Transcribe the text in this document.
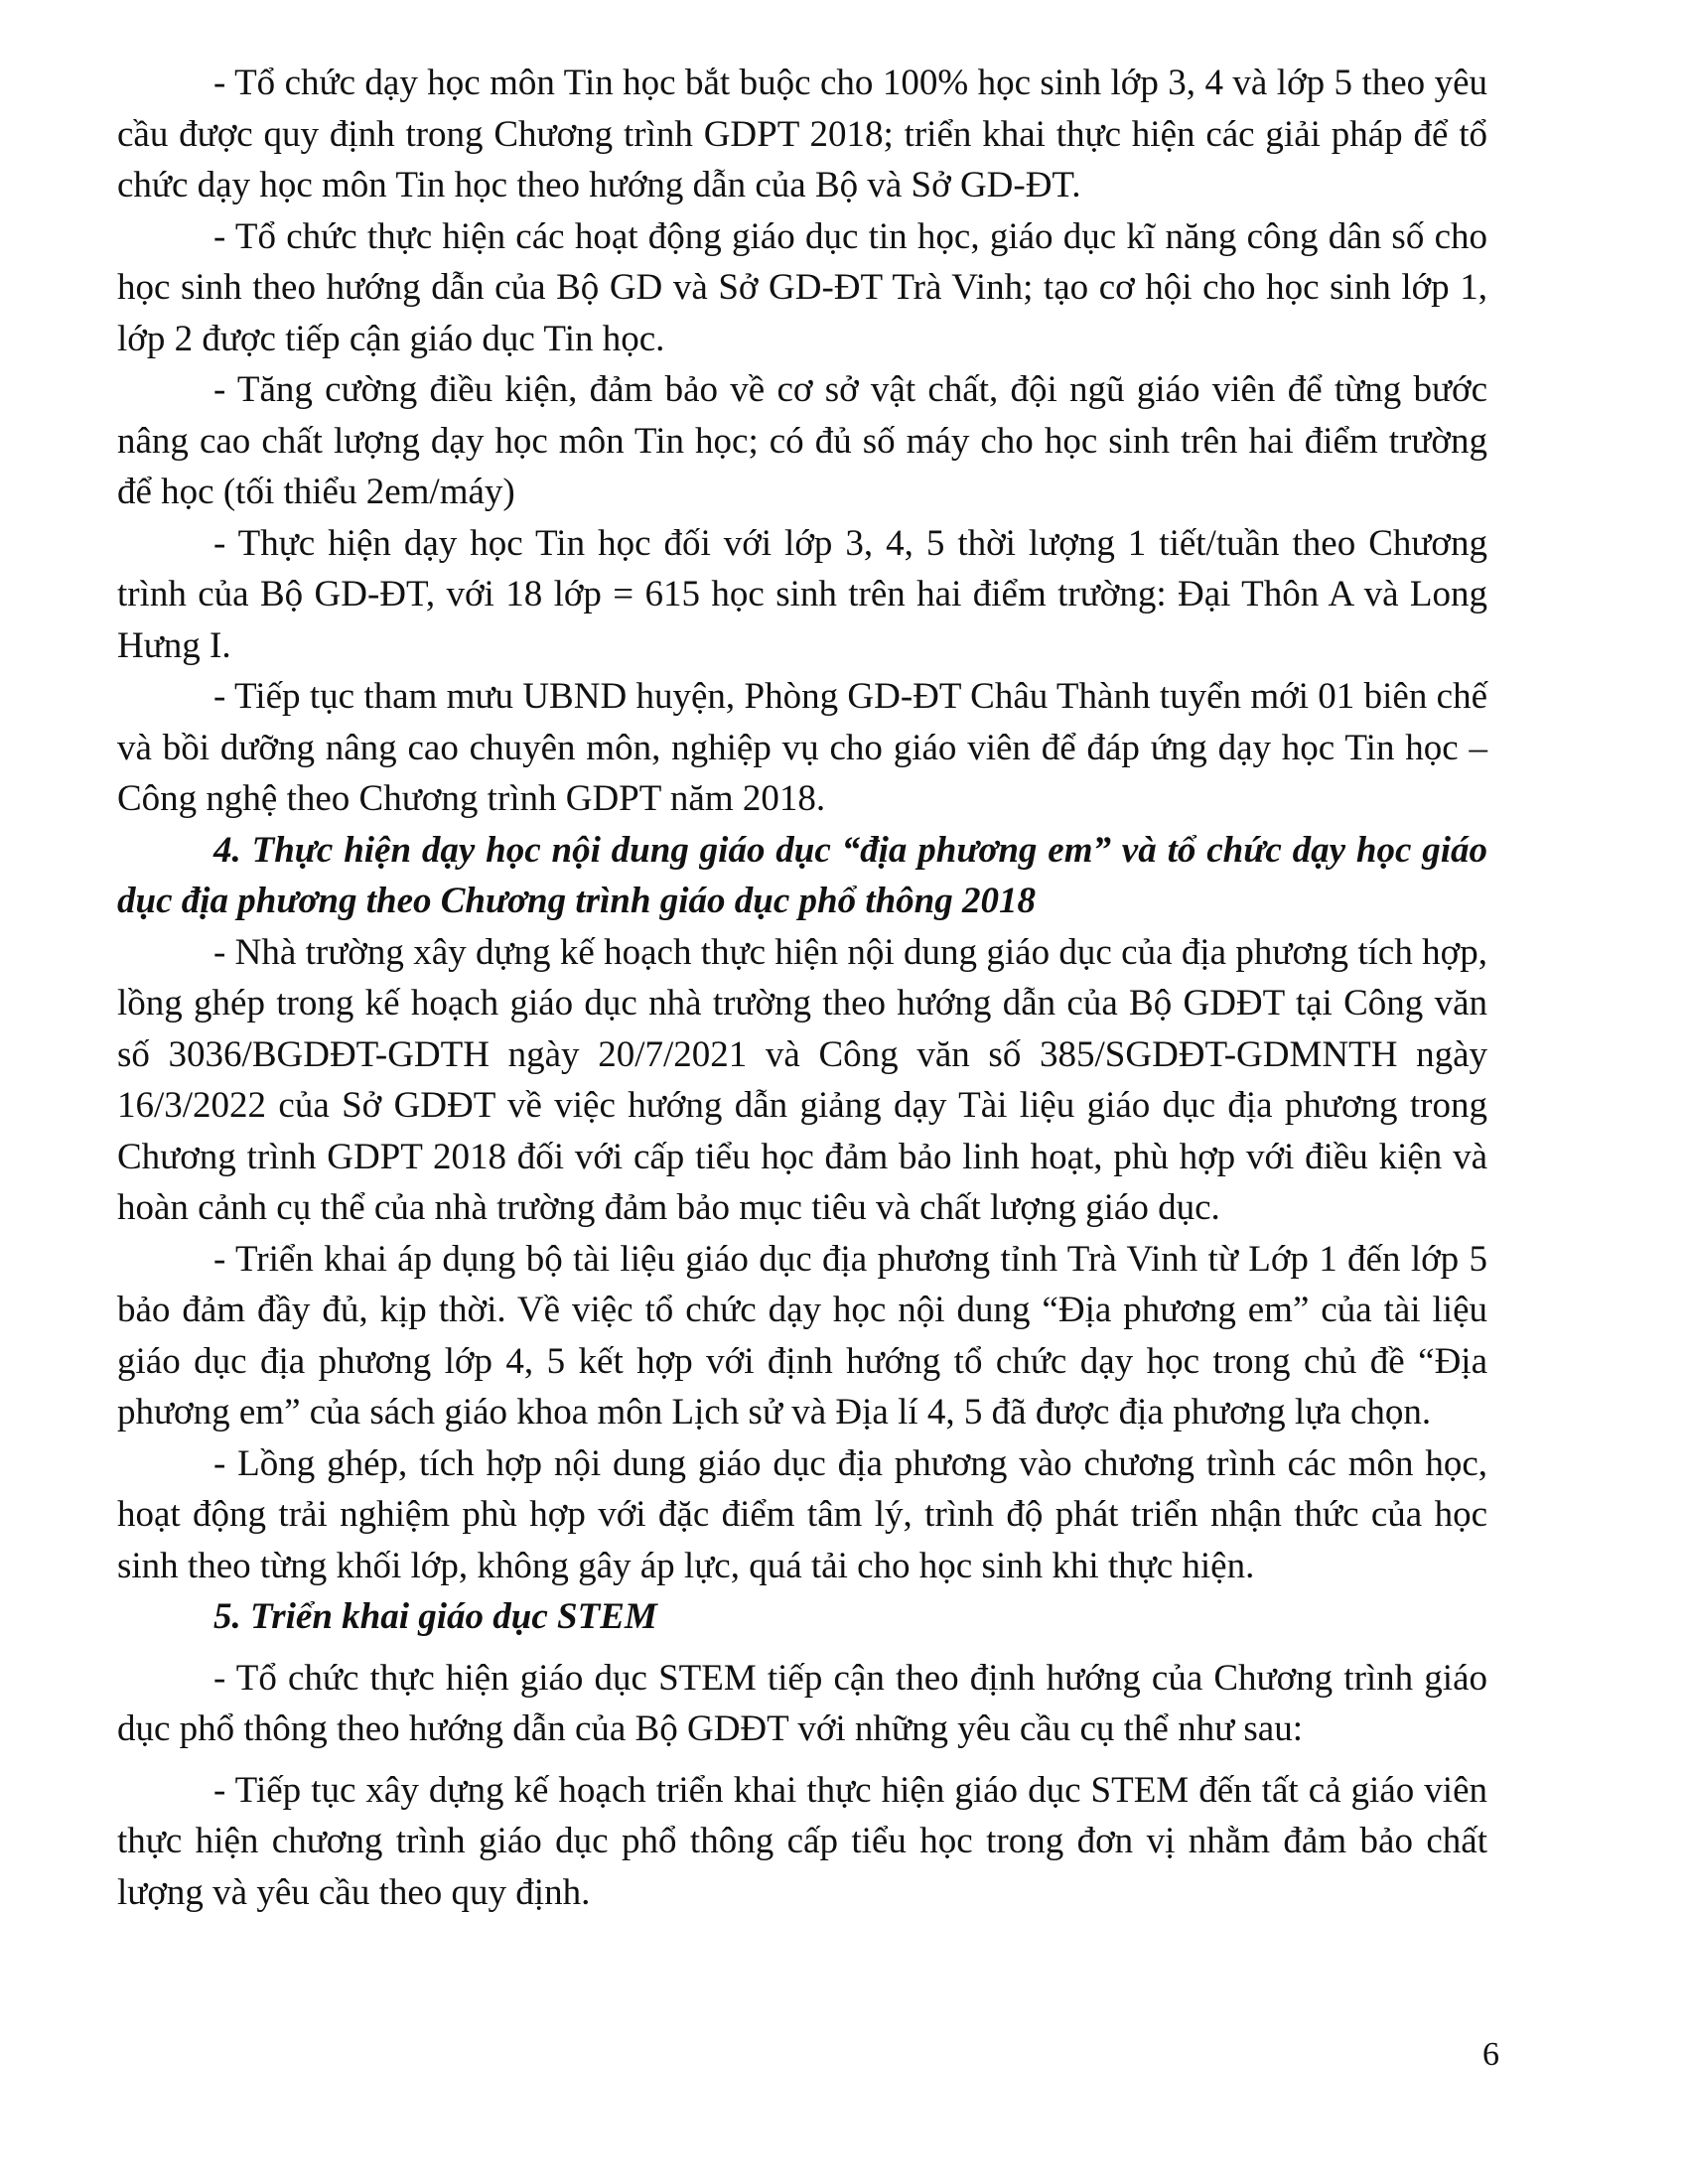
- Tổ chức dạy học môn Tin học bắt buộc cho 100% học sinh lớp 3, 4 và lớp 5 theo yêu cầu được quy định trong Chương trình GDPT 2018; triển khai thực hiện các giải pháp để tổ chức dạy học môn Tin học theo hướng dẫn của Bộ và Sở GD-ĐT.

- Tổ chức thực hiện các hoạt động giáo dục tin học, giáo dục kĩ năng công dân số cho học sinh theo hướng dẫn của Bộ GD và Sở GD-ĐT Trà Vinh; tạo cơ hội cho học sinh lớp 1, lớp 2 được tiếp cận giáo dục Tin học.

- Tăng cường điều kiện, đảm bảo về cơ sở vật chất, đội ngũ giáo viên để từng bước nâng cao chất lượng dạy học môn Tin học; có đủ số máy cho học sinh trên hai điểm trường để học (tối thiểu 2em/máy)

- Thực hiện dạy học Tin học đối với lớp 3, 4, 5 thời lượng 1 tiết/tuần theo Chương trình của Bộ GD-ĐT, với 18 lớp = 615 học sinh trên hai điểm trường: Đại Thôn A và Long Hưng I.

- Tiếp tục tham mưu UBND huyện, Phòng GD-ĐT Châu Thành tuyển mới 01 biên chế và bồi dưỡng nâng cao chuyên môn, nghiệp vụ cho giáo viên để đáp ứng dạy học Tin học – Công nghệ theo Chương trình GDPT năm 2018.

4. Thực hiện dạy học nội dung giáo dục “địa phương em” và tổ chức dạy học giáo dục địa phương theo Chương trình giáo dục phổ thông 2018

- Nhà trường xây dựng kế hoạch thực hiện nội dung giáo dục của địa phương tích hợp, lồng ghép trong kế hoạch giáo dục nhà trường theo hướng dẫn của Bộ GDĐT tại Công văn số 3036/BGDĐT-GDTH ngày 20/7/2021 và Công văn số 385/SGDĐT-GDMNTH ngày 16/3/2022 của Sở GDĐT về việc hướng dẫn giảng dạy Tài liệu giáo dục địa phương trong Chương trình GDPT 2018 đối với cấp tiểu học đảm bảo linh hoạt, phù hợp với điều kiện và hoàn cảnh cụ thể của nhà trường đảm bảo mục tiêu và chất lượng giáo dục.

- Triển khai áp dụng bộ tài liệu giáo dục địa phương tỉnh Trà Vinh từ Lớp 1 đến lớp 5 bảo đảm đầy đủ, kịp thời. Về việc tổ chức dạy học nội dung “Địa phương em” của tài liệu giáo dục địa phương lớp 4, 5 kết hợp với định hướng tổ chức dạy học trong chủ đề “Địa phương em” của sách giáo khoa môn Lịch sử và Địa lí 4, 5 đã được địa phương lựa chọn.

- Lồng ghép, tích hợp nội dung giáo dục địa phương vào chương trình các môn học, hoạt động trải nghiệm phù hợp với đặc điểm tâm lý, trình độ phát triển nhận thức của học sinh theo từng khối lớp, không gây áp lực, quá tải cho học sinh khi thực hiện.

5. Triển khai giáo dục STEM

- Tổ chức thực hiện giáo dục STEM tiếp cận theo định hướng của Chương trình giáo dục phổ thông theo hướng dẫn của Bộ GDĐT với những yêu cầu cụ thể như sau:

- Tiếp tục xây dựng kế hoạch triển khai thực hiện giáo dục STEM đến tất cả giáo viên thực hiện chương trình giáo dục phổ thông cấp tiểu học trong đơn vị nhằm đảm bảo chất lượng và yêu cầu theo quy định.

6
